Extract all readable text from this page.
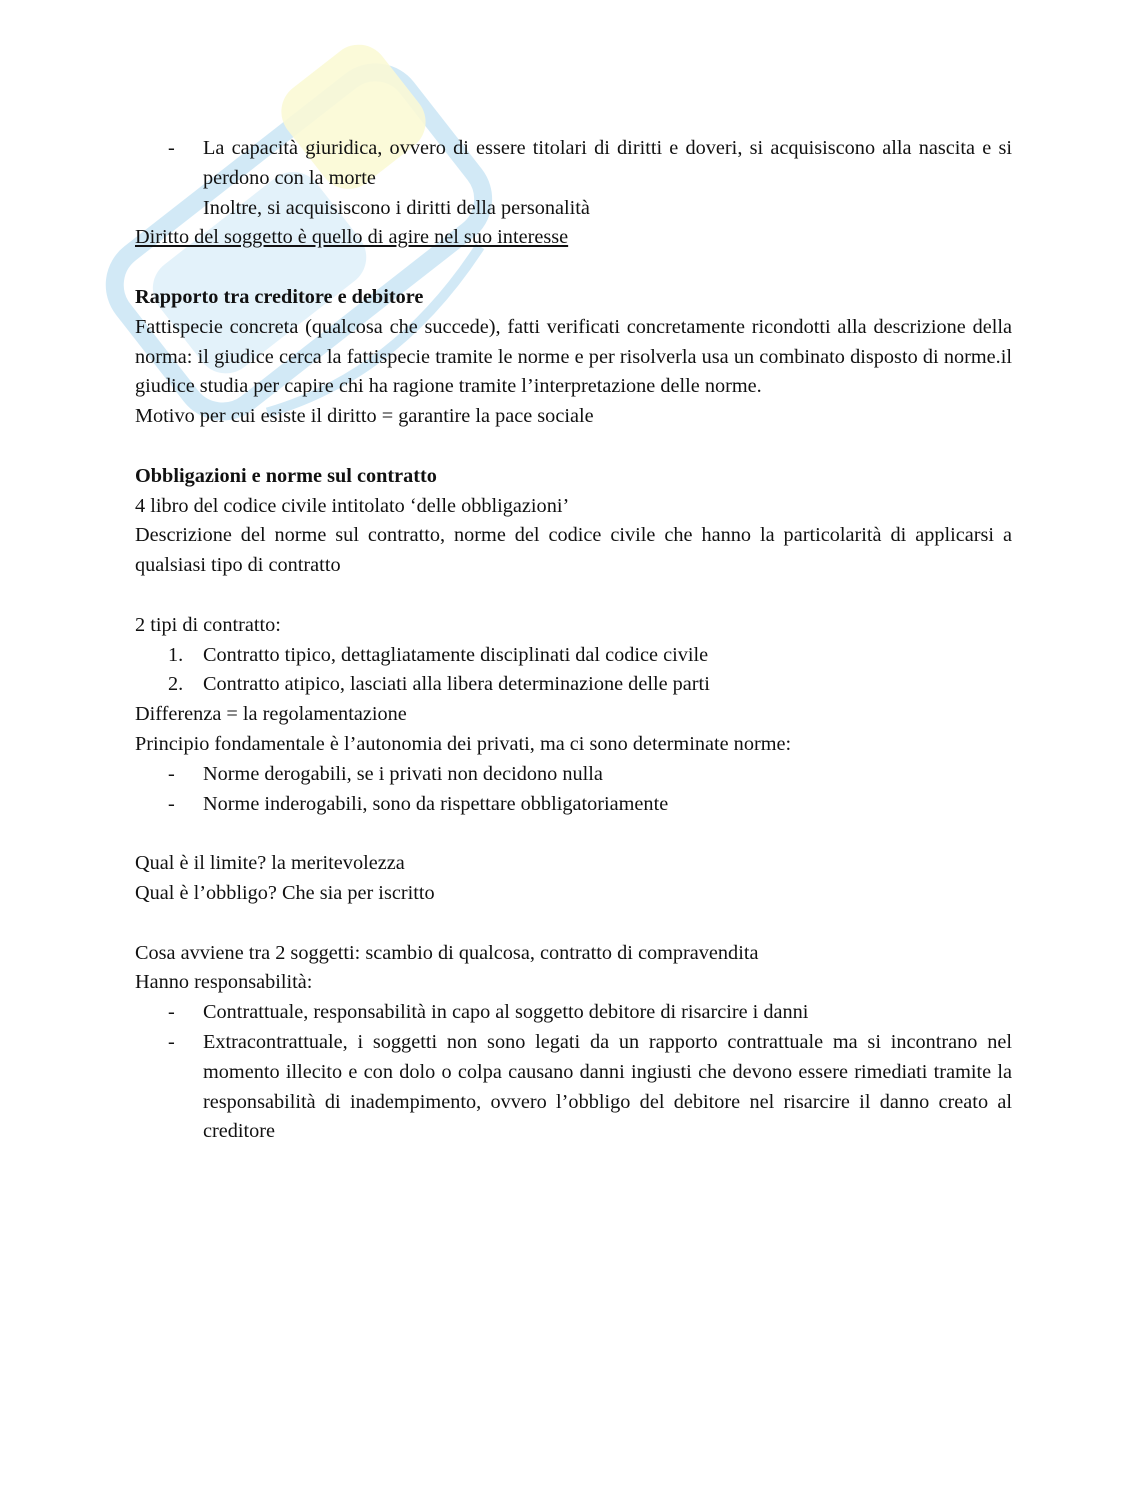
- La capacità giuridica, ovvero di essere titolari di diritti e doveri, si acquisiscono alla nascita e si perdono con la morte

Inoltre, si acquisiscono i diritti della personalità

Diritto del soggetto è quello di agire nel suo interesse

Rapporto tra creditore e debitore

Fattispecie concreta (qualcosa che succede), fatti verificati concretamente ricondotti alla descrizione della norma: il giudice cerca la fattispecie tramite le norme e per risolverla usa un combinato disposto di norme.il giudice studia per capire chi ha ragione tramite l’interpretazione delle norme.

Motivo per cui esiste il diritto = garantire la pace sociale

Obbligazioni e norme sul contratto

4 libro del codice civile intitolato ‘delle obbligazioni’

Descrizione del norme sul contratto, norme del codice civile che hanno la particolarità di applicarsi a qualsiasi tipo di contratto

2 tipi di contratto:

1. Contratto tipico, dettagliatamente disciplinati dal codice civile
2. Contratto atipico, lasciati alla libera determinazione delle parti

Differenza = la regolamentazione

Principio fondamentale è l’autonomia dei privati, ma ci sono determinate norme:

- Norme derogabili, se i privati non decidono nulla
- Norme inderogabili, sono da rispettare obbligatoriamente

Qual è il limite? la meritevolezza

Qual è l’obbligo? Che sia per iscritto

Cosa avviene tra 2 soggetti: scambio di qualcosa, contratto di compravendita

Hanno responsabilità:

- Contrattuale, responsabilità in capo al soggetto debitore di risarcire i danni
- Extracontrattuale, i soggetti non sono legati da un rapporto contrattuale ma si incontrano nel momento illecito e con dolo o colpa causano danni ingiusti che devono essere rimediati tramite la responsabilità di inadempimento, ovvero l’obbligo del debitore nel risarcire il danno creato al creditore
